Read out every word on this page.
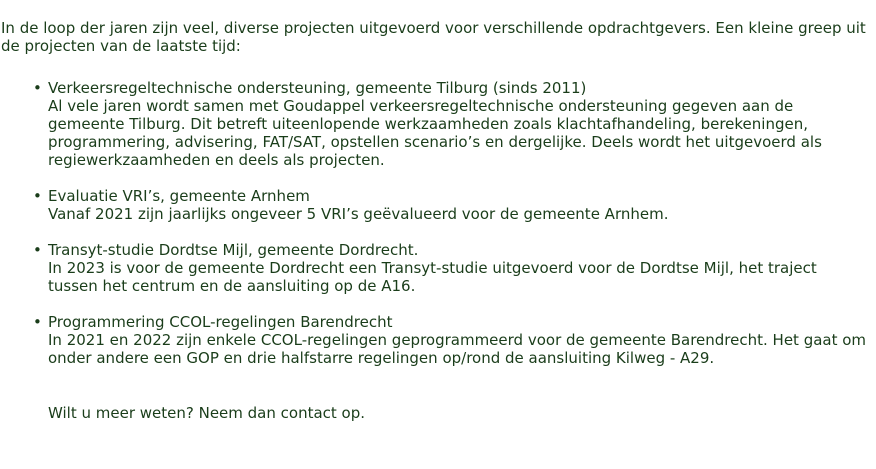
In de loop der jaren zijn veel, diverse projecten uitgevoerd voor verschillende opdrachtgevers. Een kleine greep uit de projecten van de laatste tijd:

• Verkeersregeltechnische ondersteuning, gemeente Tilburg (sinds 2011)
Al vele jaren wordt samen met Goudappel verkeersregeltechnische ondersteuning gegeven aan de gemeente Tilburg. Dit betreft uiteenlopende werkzaamheden zoals klachtafhandeling, berekeningen, programmering, advisering, FAT/SAT, opstellen scenario’s en dergelijke. Deels wordt het uitgevoerd als regiewerkzaamheden en deels als projecten.
• Evaluatie VRI’s, gemeente Arnhem
Vanaf 2021 zijn jaarlijks ongeveer 5 VRI’s geëvalueerd voor de gemeente Arnhem.
• Transyt-studie Dordtse Mijl, gemeente Dordrecht.
In 2023 is voor de gemeente Dordrecht een Transyt-studie uitgevoerd voor de Dordtse Mijl, het traject tussen het centrum en de aansluiting op de A16.
• Programmering CCOL-regelingen Barendrecht
In 2021 en 2022 zijn enkele CCOL-regelingen geprogrammeerd voor de gemeente Barendrecht. Het gaat om onder andere een GOP en drie halfstarre regelingen op/rond de aansluiting Kilweg - A29.

Wilt u meer weten? Neem dan contact op.
